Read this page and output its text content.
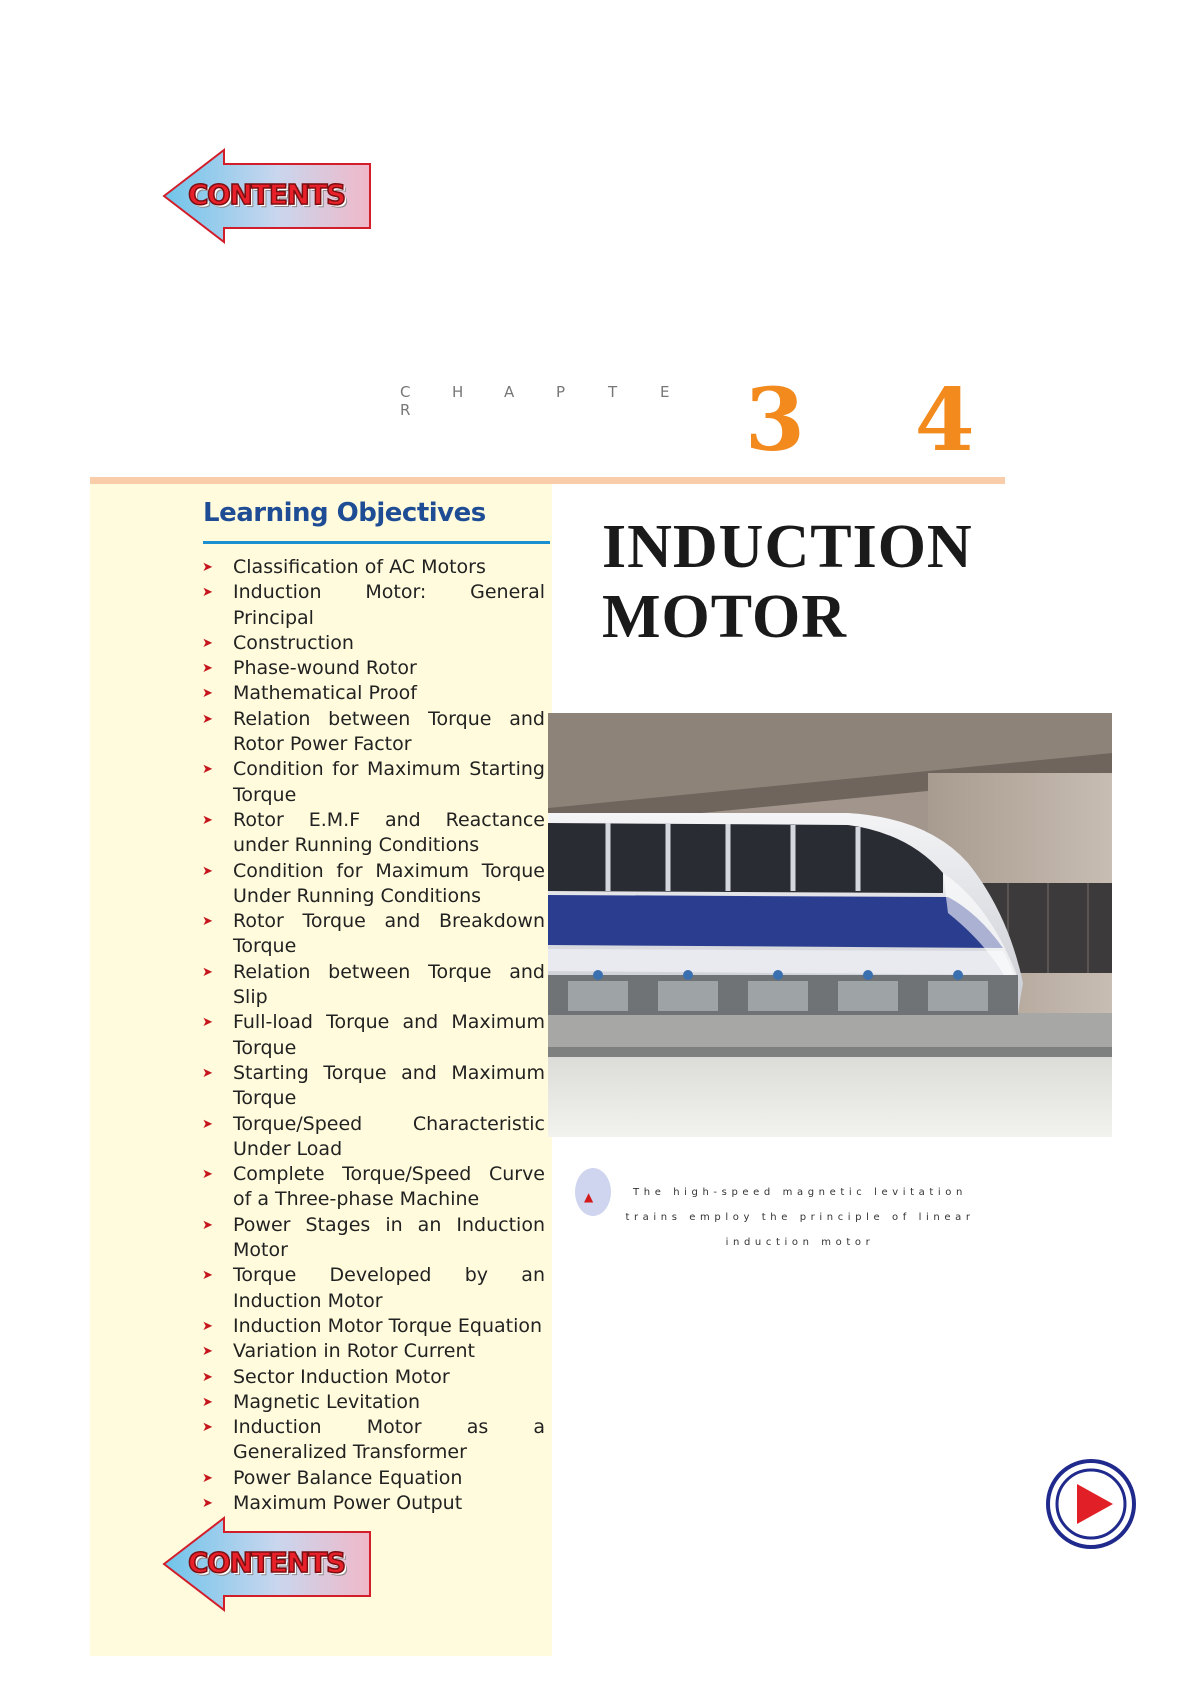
CONTENTS
C	H	A	P	T	ER	3 4
Learning Objectives
➤ Classification of AC Motors
➤ Induction Motor: General Principal
➤ Construction
➤ Phase-wound Rotor
➤ Mathematical Proof
➤ Relation between Torque and Rotor Power Factor
➤ Condition for Maximum Starting Torque
➤ Rotor E.M.F and Reactance under Running Conditions
➤ Condition for Maximum Torque Under Running Conditions
➤ Rotor Torque and Breakdown Torque
➤ Relation between Torque and Slip
➤ Full-load Torque and Maximum Torque
➤ Starting Torque and Maximum Torque
➤ Torque/Speed Characteristic Under Load
➤ Complete Torque/Speed Curve of a Three-phase Machine
➤ Power Stages in an Induction Motor
➤ Torque Developed by an Induction Motor
➤ Induction Motor Torque Equation
➤ Variation in Rotor Current
➤ Sector Induction Motor
➤ Magnetic Levitation
➤ Induction Motor as a Generalized Transformer
➤ Power Balance Equation
➤ Maximum Power Output
INDUCTION
MOTOR
▲	The high-speed magnetic levitation trains employ the principle of linear induction motor
CONTENTS
